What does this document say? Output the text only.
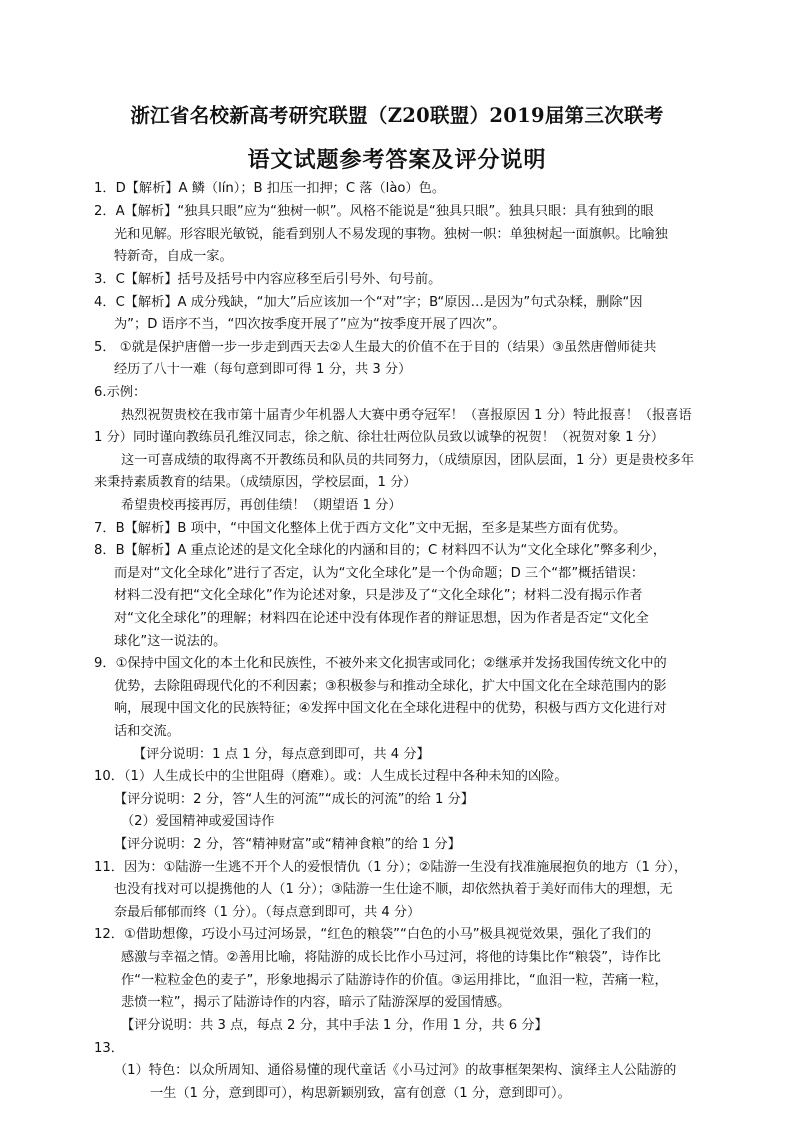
浙江省名校新高考研究联盟（Z20联盟）2019届第三次联考
语文试题参考答案及评分说明
1．D【解析】A 鳞（lín）；B 扣压一扣押；C 落（lào）色。
2．A【解析】“独具只眼”应为“独树一帜”。风格不能说是“独具只眼”。独具只眼：具有独到的眼
光和见解。形容眼光敏锐，能看到别人不易发现的事物。独树一帜：单独树起一面旗帜。比喻独
特新奇，自成一家。
3．C【解析】括号及括号中内容应移至后引号外、句号前。
4．C【解析】A 成分残缺，“加大”后应该加一个“对”字；B“原因…是因为”句式杂糅，删除“因
为”；D 语序不当，“四次按季度开展了”应为“按季度开展了四次”。
5． ①就是保护唐僧一步一步走到西天去②人生最大的价值不在于目的（结果）③虽然唐僧师徒共
经历了八十一难（每句意到即可得 1 分，共 3 分）
6.示例：
热烈祝贺贵校在我市第十届青少年机器人大赛中勇夺冠军！（喜报原因 1 分）特此报喜！（报喜语
1 分）同时谨向教练员孔维汉同志，徐之航、徐壮壮两位队员致以诚挚的祝贺！（祝贺对象 1 分）
这一可喜成绩的取得离不开教练员和队员的共同努力，（成绩原因，团队层面，1 分）更是贵校多年
来秉持素质教育的结果。（成绩原因，学校层面，1 分）
希望贵校再接再厉，再创佳绩！（期望语 1 分）
7．B【解析】B 项中，“中国文化整体上优于西方文化”文中无据，至多是某些方面有优势。
8．B【解析】A 重点论述的是文化全球化的内涵和目的；C 材料四不认为“文化全球化”弊多利少，
而是对“文化全球化”进行了否定，认为“文化全球化”是一个伪命题；D 三个“都”概括错误：
材料二没有把“文化全球化”作为论述对象，只是涉及了“文化全球化”；材料二没有揭示作者
对“文化全球化”的理解；材料四在论述中没有体现作者的辩证思想，因为作者是否定“文化全
球化”这一说法的。
9．①保持中国文化的本土化和民族性，不被外来文化损害或同化；②继承并发扬我国传统文化中的
优势，去除阻碍现代化的不利因素；③积极参与和推动全球化，扩大中国文化在全球范围内的影
响，展现中国文化的民族特征；④发挥中国文化在全球化进程中的优势，积极与西方文化进行对
话和交流。
【评分说明：1 点 1 分，每点意到即可，共 4 分】
10．（1）人生成长中的尘世阻碍（磨难）。或：人生成长过程中各种未知的凶险。
【评分说明：2 分，答“人生的河流”“成长的河流”的给 1 分】
（2）爱国精神或爱国诗作
【评分说明：2 分，答“精神财富”或“精神食粮”的给 1 分】
11．因为：①陆游一生逃不开个人的爱恨情仇（1 分）；②陆游一生没有找准施展抱负的地方（1 分），
也没有找对可以提携他的人（1 分）；③陆游一生仕途不顺，却依然执着于美好而伟大的理想，无
奈最后郁郁而终（1 分）。（每点意到即可，共 4 分）
12．①借助想像，巧设小马过河场景，“红色的粮袋”“白色的小马”极具视觉效果，强化了我们的
感激与幸福之情。②善用比喻，将陆游的成长比作小马过河，将他的诗集比作“粮袋”，诗作比
作“一粒粒金色的麦子”，形象地揭示了陆游诗作的价值。③运用排比，“血泪一粒，苦痛一粒，
悲愤一粒”，揭示了陆游诗作的内容，暗示了陆游深厚的爱国情感。
【评分说明：共 3 点，每点 2 分，其中手法 1 分，作用 1 分，共 6 分】
13．
（1）特色：以众所周知、通俗易懂的现代童话《小马过河》的故事框架架构、演绎主人公陆游的
一生（1 分，意到即可），构思新颖别致，富有创意（1 分，意到即可）。
